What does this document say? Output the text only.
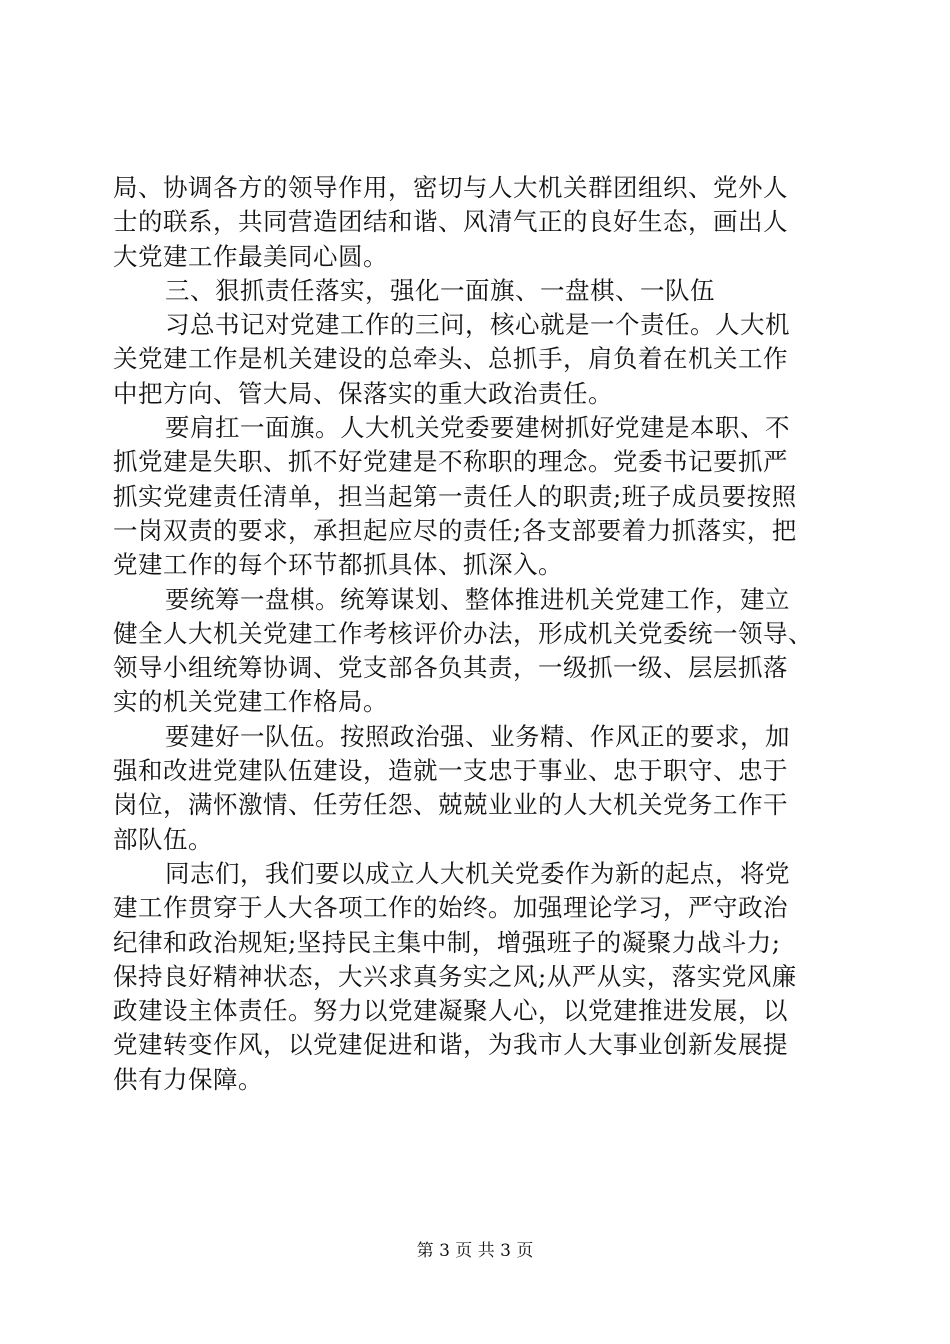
局、协调各方的领导作用，密切与人大机关群团组织、党外人
士的联系，共同营造团结和谐、风清气正的良好生态，画出人
大党建工作最美同心圆。
三、狠抓责任落实，强化一面旗、一盘棋、一队伍
习总书记对党建工作的三问，核心就是一个责任。人大机
关党建工作是机关建设的总牵头、总抓手，肩负着在机关工作
中把方向、管大局、保落实的重大政治责任。
要肩扛一面旗。人大机关党委要建树抓好党建是本职、不
抓党建是失职、抓不好党建是不称职的理念。党委书记要抓严
抓实党建责任清单，担当起第一责任人的职责;班子成员要按照
一岗双责的要求，承担起应尽的责任;各支部要着力抓落实，把
党建工作的每个环节都抓具体、抓深入。
要统筹一盘棋。统筹谋划、整体推进机关党建工作，建立
健全人大机关党建工作考核评价办法，形成机关党委统一领导、
领导小组统筹协调、党支部各负其责，一级抓一级、层层抓落
实的机关党建工作格局。
要建好一队伍。按照政治强、业务精、作风正的要求，加
强和改进党建队伍建设，造就一支忠于事业、忠于职守、忠于
岗位，满怀激情、任劳任怨、兢兢业业的人大机关党务工作干
部队伍。
同志们，我们要以成立人大机关党委作为新的起点，将党
建工作贯穿于人大各项工作的始终。加强理论学习，严守政治
纪律和政治规矩;坚持民主集中制，增强班子的凝聚力战斗力;
保持良好精神状态，大兴求真务实之风;从严从实，落实党风廉
政建设主体责任。努力以党建凝聚人心，以党建推进发展，以
党建转变作风，以党建促进和谐，为我市人大事业创新发展提
供有力保障。
第 3 页 共 3 页
